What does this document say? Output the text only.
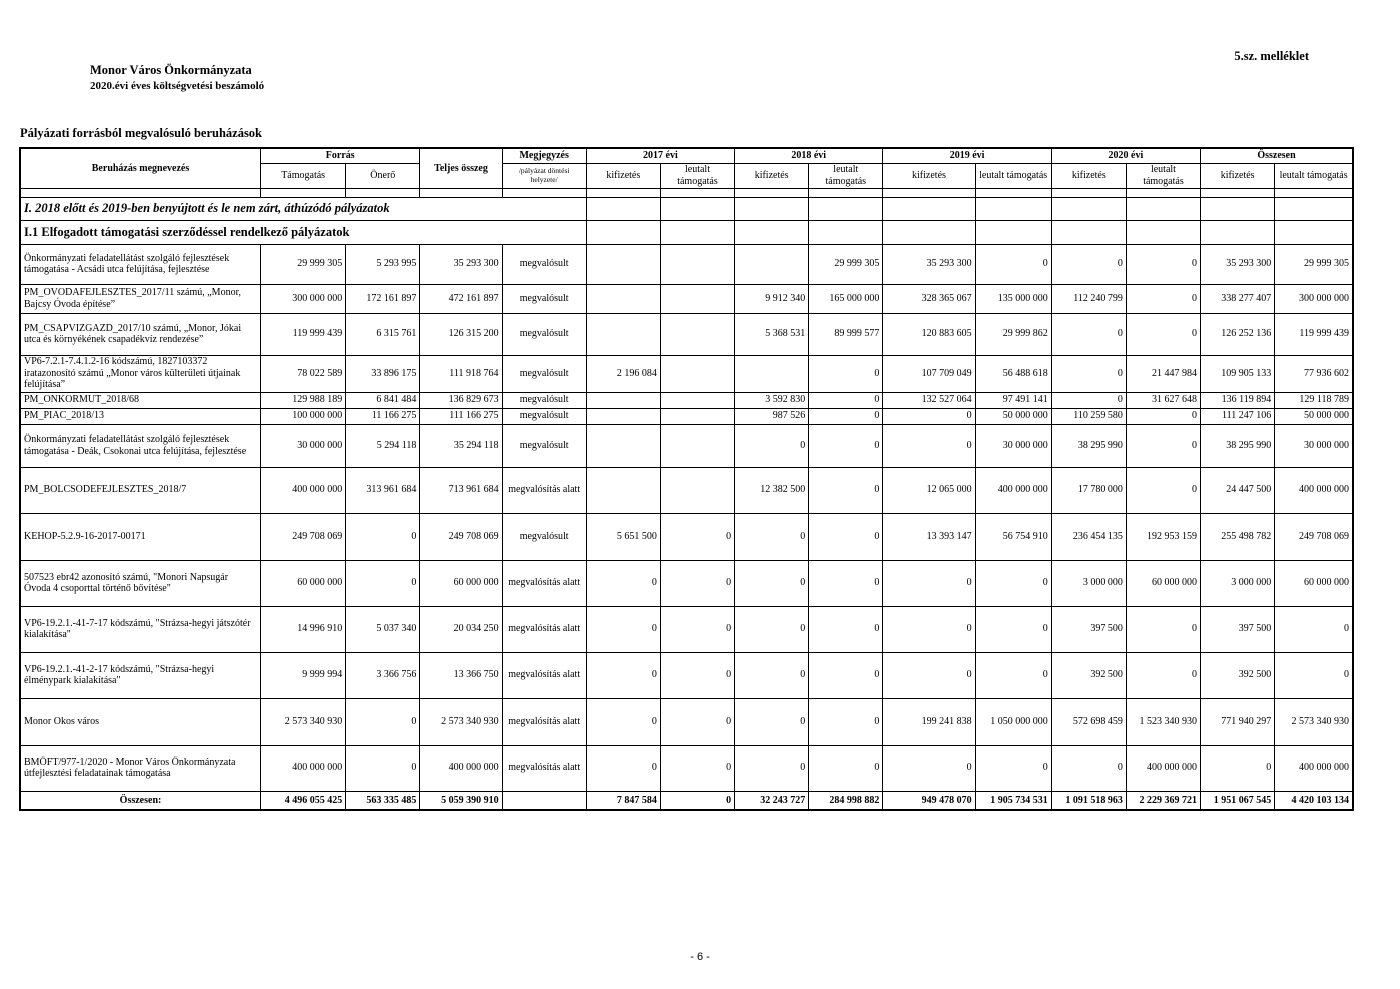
5.sz. melléklet
Monor Város Önkormányzata
2020.évi éves költségvetési beszámoló
Pályázati forrásból megvalósuló beruházások
Beruházás megnevezés	Forrás		Teljes összeg	Megjegyzés	2017 évi		2018 évi		2019 évi		2020 évi		Összesen	
	Támogatás	Önerő		/pályázat döntési helyzete/	kifizetés	leutalt támogatás	kifizetés	leutalt támogatás	kifizetés	leutalt támogatás	kifizetés	leutalt támogatás	kifizetés	leutalt támogatás

I. 2018 előtt és 2019-ben benyújtott és le nem zárt, áthúzódó pályázatok														
I.1 Elfogadott támogatási szerződéssel rendelkező pályázatok														
Önkormányzati feladatellátást szolgáló fejlesztések támogatása - Acsádi utca felújítása, fejlesztése	29 999 305	5 293 995	35 293 300	megvalósult				29 999 305	35 293 300	0	0	0	35 293 300	29 999 305
PM_OVODAFEJLESZTES_2017/11 számú, „Monor, Bajcsy Óvoda építése”	300 000 000	172 161 897	472 161 897	megvalósult			9 912 340	165 000 000	328 365 067	135 000 000	112 240 799	0	338 277 407	300 000 000
PM_CSAPVIZGAZD_2017/10 számú, „Monor, Jókai utca és környékének csapadékvíz rendezése”	119 999 439	6 315 761	126 315 200	megvalósult			5 368 531	89 999 577	120 883 605	29 999 862	0	0	126 252 136	119 999 439
VP6-7.2.1-7.4.1.2-16 kódszámú, 1827103372 iratazonosító számú „Monor város külterületi útjainak felújítása”	78 022 589	33 896 175	111 918 764	megvalósult	2 196 084			0	107 709 049	56 488 618	0	21 447 984	109 905 133	77 936 602
PM_ONKORMUT_2018/68	129 988 189	6 841 484	136 829 673	megvalósult			3 592 830	0	132 527 064	97 491 141	0	31 627 648	136 119 894	129 118 789
PM_PIAC_2018/13	100 000 000	11 166 275	111 166 275	megvalósult			987 526	0	0	50 000 000	110 259 580	0	111 247 106	50 000 000
Önkormányzati feladatellátást szolgáló fejlesztések támogatása - Deák, Csokonai utca felújítása, fejlesztése	30 000 000	5 294 118	35 294 118	megvalósult			0	0	0	30 000 000	38 295 990	0	38 295 990	30 000 000
PM_BOLCSODEFEJLESZTES_2018/7	400 000 000	313 961 684	713 961 684	megvalósítás alatt			12 382 500	0	12 065 000	400 000 000	17 780 000	0	24 447 500	400 000 000
KEHOP-5.2.9-16-2017-00171	249 708 069	0	249 708 069	megvalósult	5 651 500	0	0	0	13 393 147	56 754 910	236 454 135	192 953 159	255 498 782	249 708 069
507523 ebr42 azonosító számú, "Monori Napsugár Óvoda 4 csoporttal történő bővítése"	60 000 000	0	60 000 000	megvalósítás alatt	0	0	0	0	0	0	3 000 000	60 000 000	3 000 000	60 000 000
VP6-19.2.1.-41-7-17 kódszámú, "Strázsa-hegyi játszótér kialakítása"	14 996 910	5 037 340	20 034 250	megvalósítás alatt	0	0	0	0	0	0	397 500	0	397 500	0
VP6-19.2.1.-41-2-17 kódszámú, "Strázsa-hegyi élménypark kialakítása"	9 999 994	3 366 756	13 366 750	megvalósítás alatt	0	0	0	0	0	0	392 500	0	392 500	0
Monor Okos város	2 573 340 930	0	2 573 340 930	megvalósítás alatt	0	0	0	0	199 241 838	1 050 000 000	572 698 459	1 523 340 930	771 940 297	2 573 340 930
BMÖFT/977-1/2020 - Monor Város Önkormányzata útfejlesztési feladatainak támogatása	400 000 000	0	400 000 000	megvalósítás alatt	0	0	0	0	0	0	0	400 000 000	0	400 000 000
Összesen:	4 496 055 425	563 335 485	5 059 390 910		7 847 584	0	32 243 727	284 998 882	949 478 070	1 905 734 531	1 091 518 963	2 229 369 721	1 951 067 545	4 420 103 134
- 6 -
